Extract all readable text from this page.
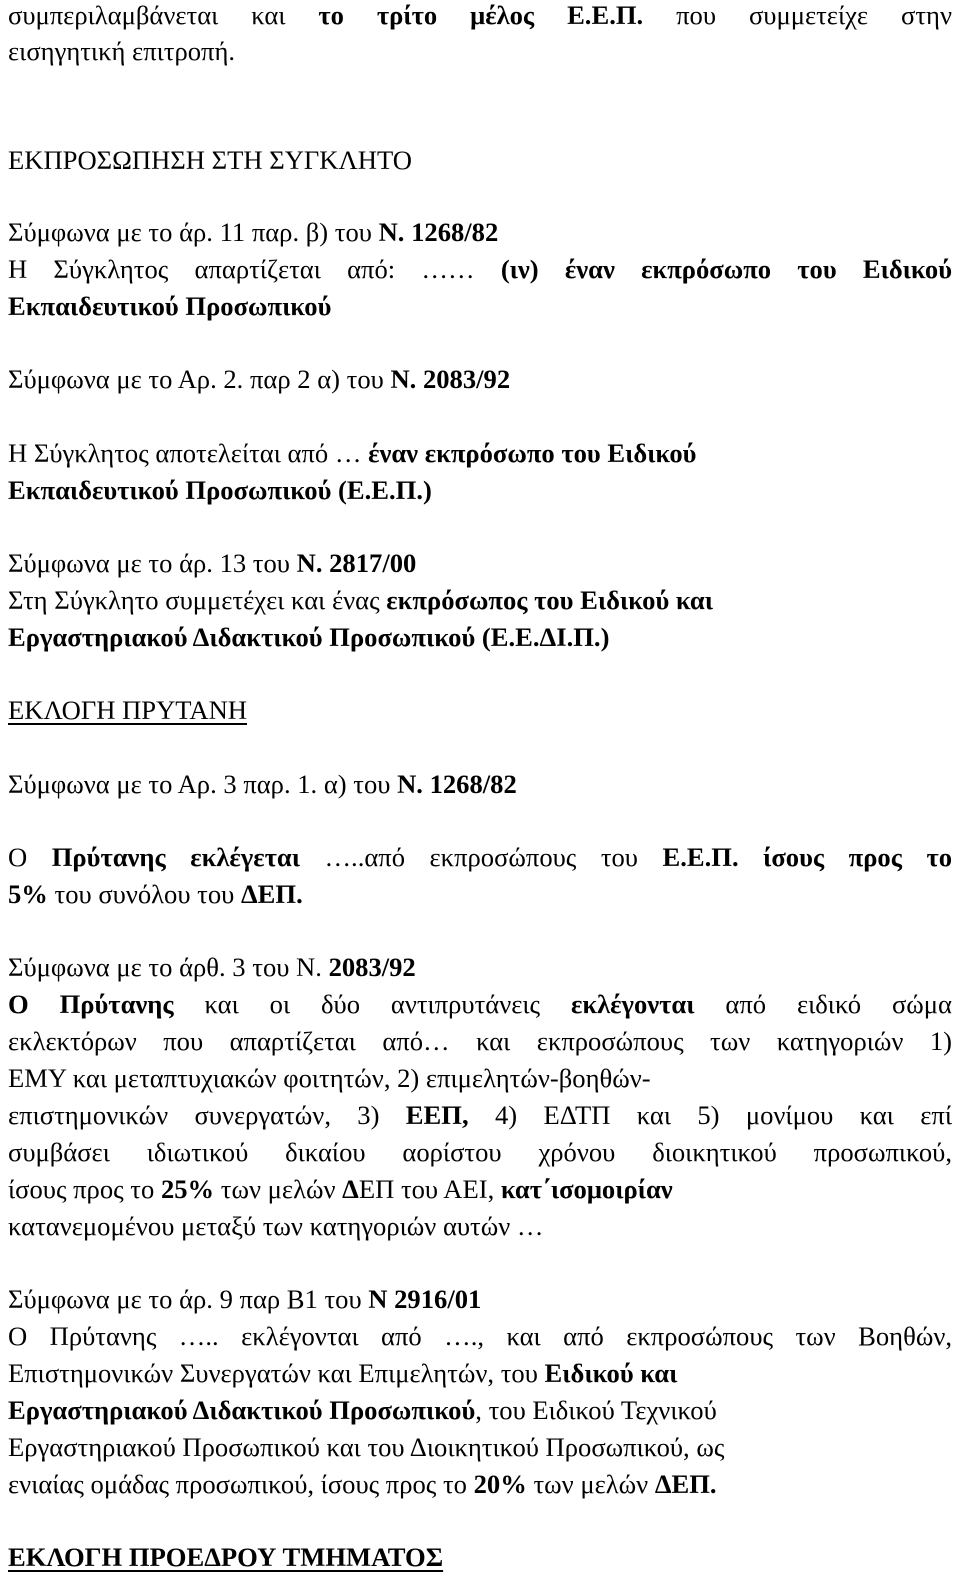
συμπεριλαμβάνεται και το τρίτο μέλος Ε.Ε.Π. που συμμετείχε στην
εισηγητική επιτροπή.
ΕΚΠΡΟΣΩΠΗΣΗ ΣΤΗ ΣΥΓΚΛΗΤΟ
Σύμφωνα με το άρ. 11 παρ. β) του Ν. 1268/82
Η Σύγκλητος απαρτίζεται από: …… (ιν) έναν εκπρόσωπο του Ειδικού
Εκπαιδευτικού Προσωπικού
Σύμφωνα με το Αρ. 2. παρ 2 α) του Ν. 2083/92
Η Σύγκλητος αποτελείται από … έναν εκπρόσωπο του Ειδικού
Εκπαιδευτικού Προσωπικού (Ε.Ε.Π.)
Σύμφωνα με το άρ. 13 του Ν. 2817/00
Στη Σύγκλητο συμμετέχει και ένας εκπρόσωπος του Ειδικού και
Εργαστηριακού Διδακτικού Προσωπικού (Ε.Ε.ΔΙ.Π.)
ΕΚΛΟΓΗ ΠΡΥΤΑΝΗ
Σύμφωνα με το Αρ. 3 παρ. 1. α) του Ν. 1268/82
Ο Πρύτανης εκλέγεται …..από εκπροσώπους του Ε.Ε.Π. ίσους προς το
5% του συνόλου του ΔΕΠ.
Σύμφωνα με το άρθ. 3 του Ν. 2083/92
Ο Πρύτανης και οι δύο αντιπρυτάνεις εκλέγονται από ειδικό σώμα
εκλεκτόρων που απαρτίζεται από… και εκπροσώπους των κατηγοριών 1)
ΕΜΥ και μεταπτυχιακών φοιτητών, 2) επιμελητών-βοηθών-
επιστημονικών συνεργατών, 3) ΕΕΠ, 4) ΕΔΤΠ και 5) μονίμου και επί
συμβάσει ιδιωτικού δικαίου αορίστου χρόνου διοικητικού προσωπικού,
ίσους προς το 25% των μελών ΔΕΠ του ΑΕΙ, κατ΄ισομοιρίαν
κατανεμομένου μεταξύ των κατηγοριών αυτών …
Σύμφωνα με το άρ. 9 παρ Β1 του Ν 2916/01
Ο Πρύτανης ….. εκλέγονται από …., και από εκπροσώπους των Βοηθών,
Επιστημονικών Συνεργατών και Επιμελητών, του Ειδικού και
Εργαστηριακού Διδακτικού Προσωπικού, του Ειδικού Τεχνικού
Εργαστηριακού Προσωπικού και του Διοικητικού Προσωπικού, ως
ενιαίας ομάδας προσωπικού, ίσους προς το 20% των μελών ΔΕΠ.
ΕΚΛΟΓΗ ΠΡΟΕΔΡΟΥ ΤΜΗΜΑΤΟΣ
